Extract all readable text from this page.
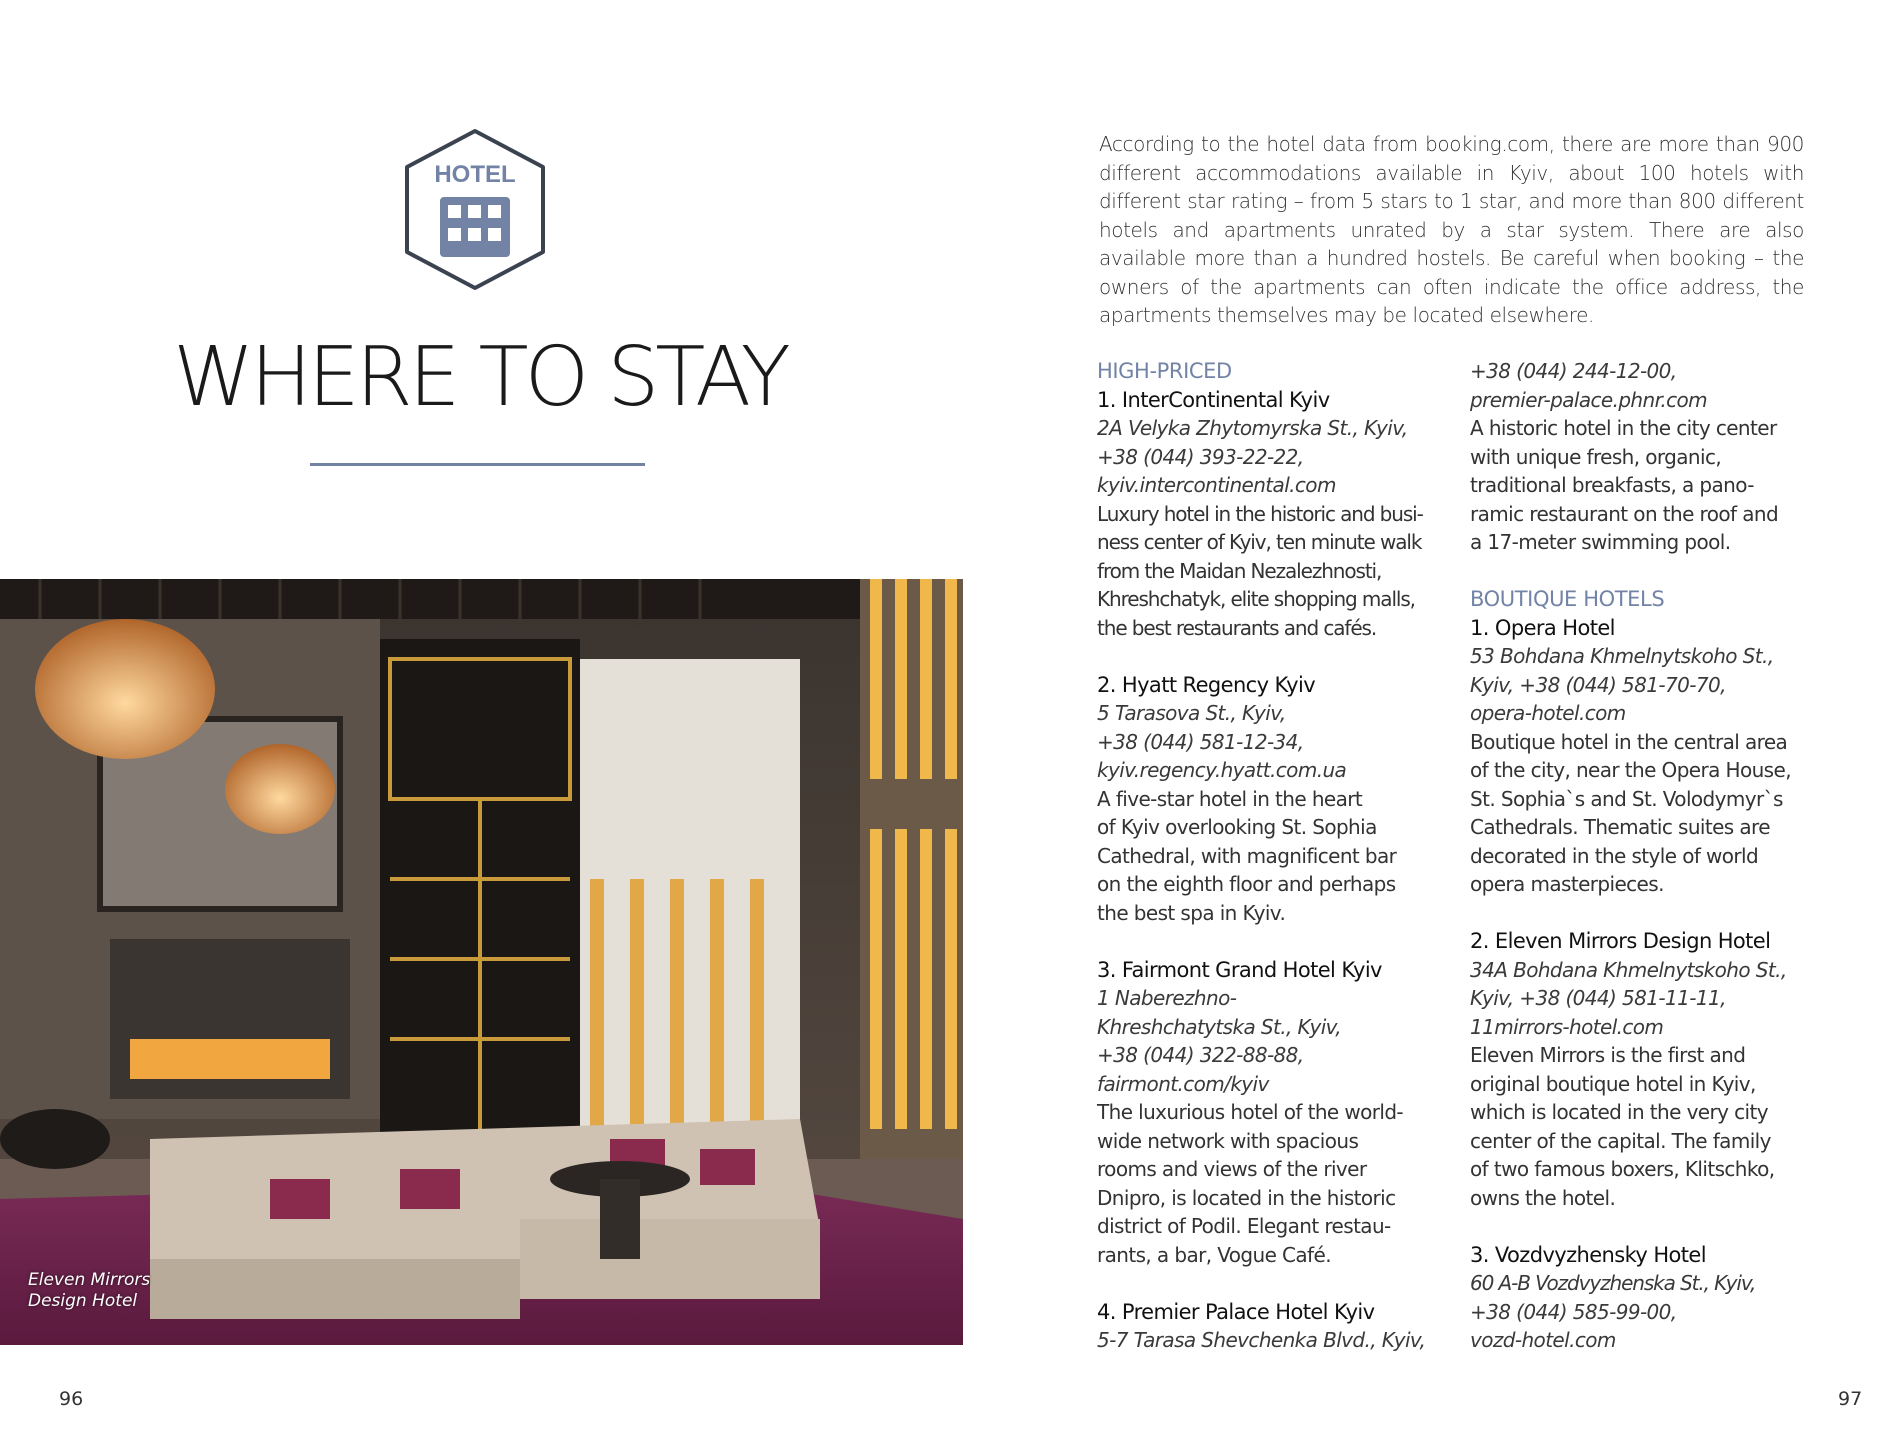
HOTEL
WHERE TO STAY

Eleven Mirrors
Design Hotel

96

According to the hotel data from booking.com, there are more than 900 different accommodations available in Kyiv, about 100 hotels with different star rating – from 5 stars to 1 star, and more than 800 different hotels and apartments unrated by a star system. There are also available more than a hundred hostels. Be careful when booking – the owners of the apartments can often indicate the office address, the apartments themselves may be located elsewhere.

HIGH-PRICED

1. InterContinental Kyiv

2A Velyka Zhytomyrska St., Kyiv,

+38 (044) 393-22-22,

kyiv.intercontinental.com

Luxury hotel in the historic and busi-

ness center of Kyiv, ten minute walk

from the Maidan Nezalezhnosti,

Khreshchatyk, elite shopping malls,

the best restaurants and cafés.

2. Hyatt Regency Kyiv

5 Tarasova St., Kyiv,

+38 (044) 581-12-34,

kyiv.regency.hyatt.com.ua

A five-star hotel in the heart

of Kyiv overlooking St. Sophia

Cathedral, with magnificent bar

on the eighth floor and perhaps

the best spa in Kyiv.

3. Fairmont Grand Hotel Kyiv

1 Naberezhno-

Khreshchatytska St., Kyiv,

+38 (044) 322-88-88,

fairmont.com/kyiv

The luxurious hotel of the world-

wide network with spacious

rooms and views of the river

Dnipro, is located in the historic

district of Podil. Elegant restau-

rants, a bar, Vogue Café.

4. Premier Palace Hotel Kyiv

5-7 Tarasa Shevchenka Blvd., Kyiv,

+38 (044) 244-12-00,

premier-palace.phnr.com

A historic hotel in the city center

with unique fresh, organic,

traditional breakfasts, a pano-

ramic restaurant on the roof and

a 17-meter swimming pool.

BOUTIQUE HOTELS

1. Opera Hotel

53 Bohdana Khmelnytskoho St.,

Kyiv, +38 (044) 581-70-70,

opera-hotel.com

Boutique hotel in the central area

of the city, near the Opera House,

St. Sophia`s and St. Volodymyr`s

Cathedrals. Thematic suites are

decorated in the style of world

opera masterpieces.

2. Eleven Mirrors Design Hotel

34A Bohdana Khmelnytskoho St.,

Kyiv, +38 (044) 581-11-11,

11mirrors-hotel.com

Eleven Mirrors is the first and

original boutique hotel in Kyiv,

which is located in the very city

center of the capital. The family

of two famous boxers, Klitschko,

owns the hotel.

3. Vozdvyzhensky Hotel

60 A-B Vozdvyzhenska St., Kyiv,

+38 (044) 585-99-00,

vozd-hotel.com

97
